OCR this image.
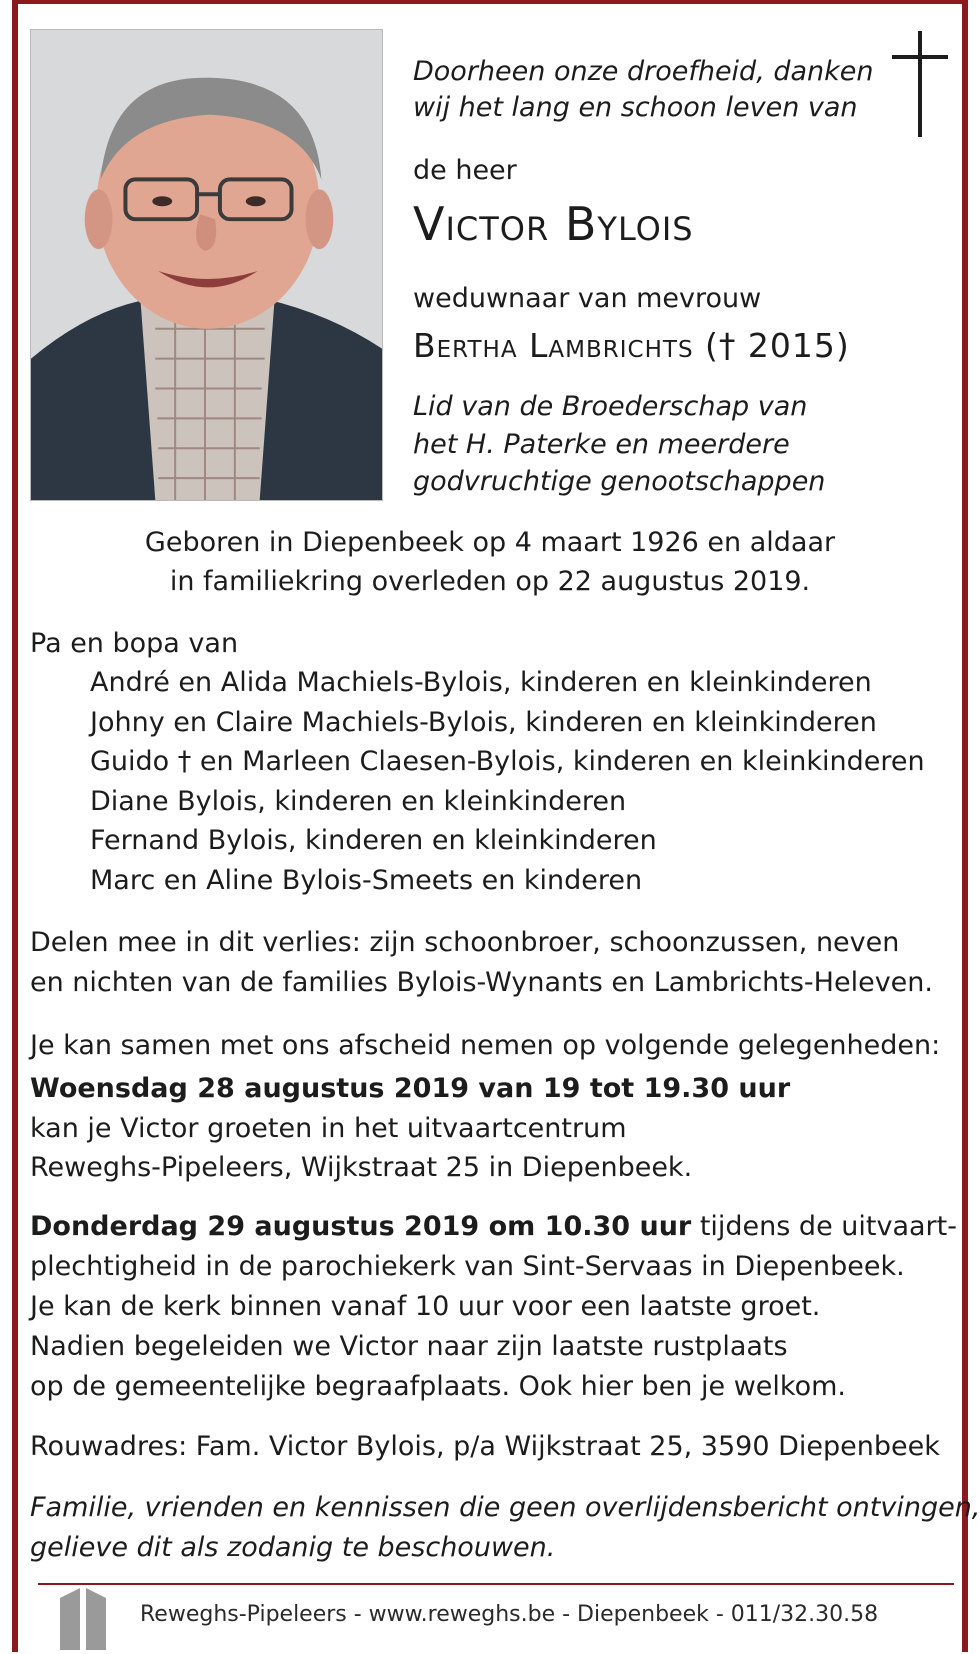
Doorheen onze droefheid, danken
wij het lang en schoon leven van
de heer
Victor Bylois
weduwnaar van mevrouw
Bertha Lambrichts († 2015)
Lid van de Broederschap van
het H. Paterke en meerdere
godvruchtige genootschappen
Geboren in Diepenbeek op 4 maart 1926 en aldaar
in familiekring overleden op 22 augustus 2019.
Pa en bopa van
André en Alida Machiels-Bylois, kinderen en kleinkinderen
Johny en Claire Machiels-Bylois, kinderen en kleinkinderen
Guido † en Marleen Claesen-Bylois, kinderen en kleinkinderen
Diane Bylois, kinderen en kleinkinderen
Fernand Bylois, kinderen en kleinkinderen
Marc en Aline Bylois-Smeets en kinderen
Delen mee in dit verlies: zijn schoonbroer, schoonzussen, neven
en nichten van de families Bylois-Wynants en Lambrichts-Heleven.
Je kan samen met ons afscheid nemen op volgende gelegenheden:
Woensdag 28 augustus 2019 van 19 tot 19.30 uur
kan je Victor groeten in het uitvaartcentrum
Reweghs-Pipeleers, Wijkstraat 25 in Diepenbeek.
Donderdag 29 augustus 2019 om 10.30 uur tijdens de uitvaart-
plechtigheid in de parochiekerk van Sint-Servaas in Diepenbeek.
Je kan de kerk binnen vanaf 10 uur voor een laatste groet.
Nadien begeleiden we Victor naar zijn laatste rustplaats
op de gemeentelijke begraafplaats. Ook hier ben je welkom.
Rouwadres: Fam. Victor Bylois, p/a Wijkstraat 25, 3590 Diepenbeek
Familie, vrienden en kennissen die geen overlijdensbericht ontvingen,
gelieve dit als zodanig te beschouwen.
Reweghs-Pipeleers - www.reweghs.be - Diepenbeek - 011/32.30.58
